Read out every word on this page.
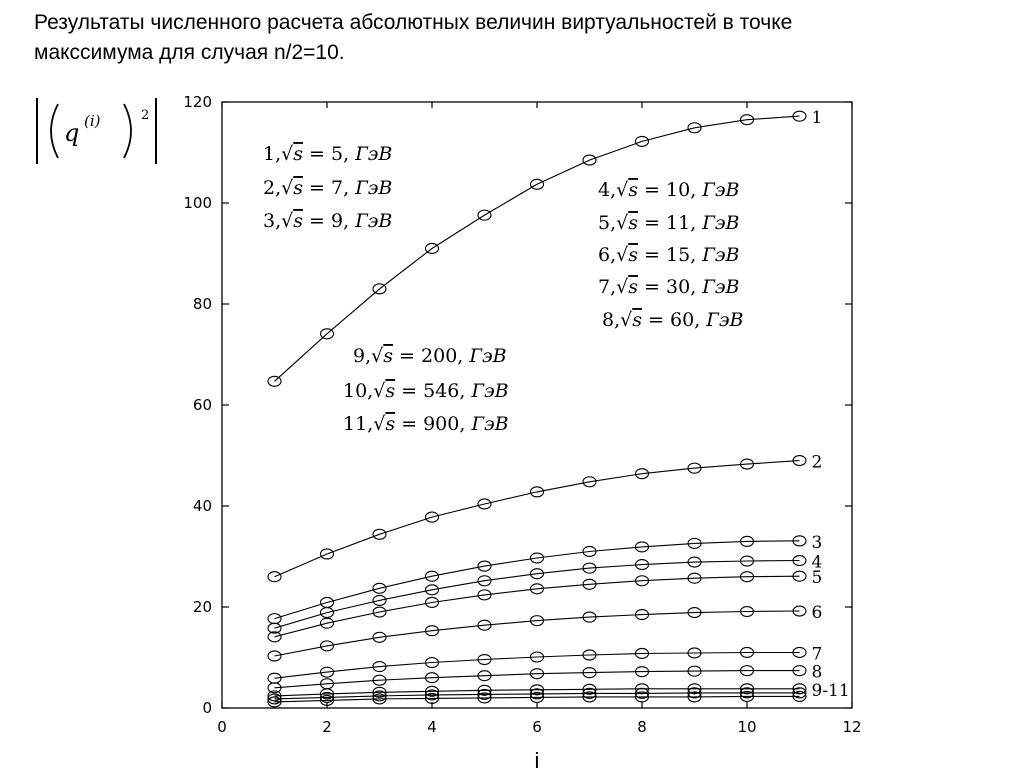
Результаты численного расчета абсолютных величин виртуальностей в точке
макссимума для случая n/2=10.
q (i)	2
0	2	4	6	8	10	12
0
20
40
60
80
100
120
i
1,√s = 5, ГэВ
2,√s = 7, ГэВ
3,√s = 9, ГэВ
4,√s = 10, ГэВ
5,√s = 11, ГэВ
6,√s = 15, ГэВ
7,√s = 30, ГэВ
8,√s = 60, ГэВ
9,√s = 200, ГэВ
10,√s = 546, ГэВ
11,√s = 900, ГэВ
1
2
3
4
5
6
7
8
9-11
